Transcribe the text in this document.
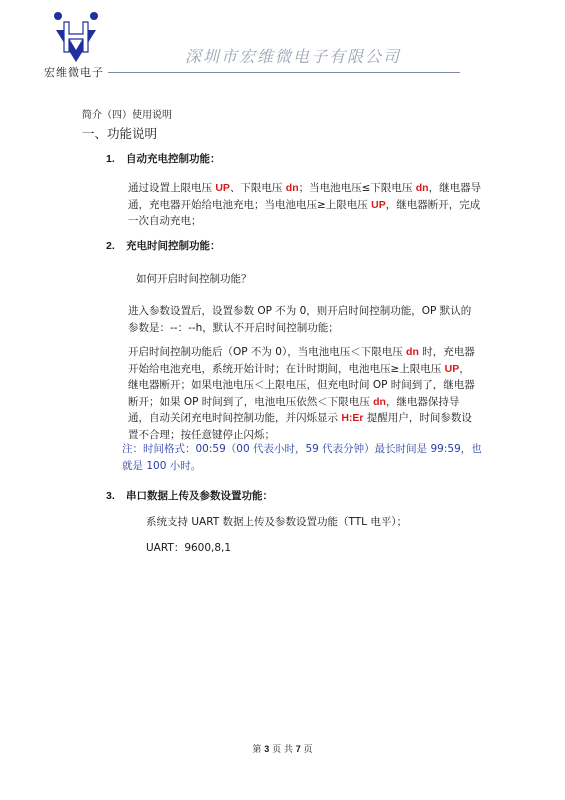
宏维微电子
深圳市宏维微电子有限公司
简介（四）使用说明
一、功能说明
1. 自动充电控制功能：
通过设置上限电压 UP、下限电压 dn；当电池电压≤下限电压 dn，继电器导通，充电器开始给电池充电；当电池电压≥上限电压 UP，继电器断开，完成一次自动充电；
2. 充电时间控制功能：
如何开启时间控制功能？
进入参数设置后，设置参数 OP 不为 0，则开启时间控制功能，OP 默认的参数是：--：--h，默认不开启时间控制功能；
开启时间控制功能后（OP 不为 0），当电池电压＜下限电压 dn 时，充电器开始给电池充电，系统开始计时；在计时期间，电池电压≥上限电压 UP，继电器断开；如果电池电压＜上限电压，但充电时间 OP 时间到了，继电器断开；如果 OP 时间到了，电池电压依然＜下限电压 dn，继电器保持导通，自动关闭充电时间控制功能，并闪烁显示 H:Er 提醒用户，时间参数设置不合理；按任意键停止闪烁；
注：时间格式：00:59（00 代表小时，59 代表分钟）最长时间是 99:59，也就是 100 小时。
3. 串口数据上传及参数设置功能：
系统支持 UART 数据上传及参数设置功能（TTL 电平）；
UART：9600,8,1
第 3 页 共 7 页
